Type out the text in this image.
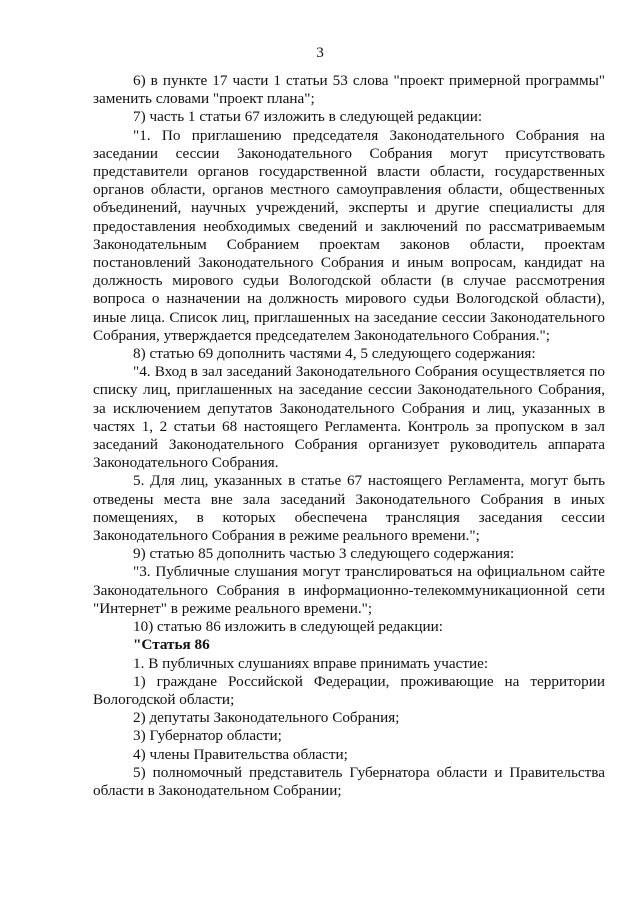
3

6) в пункте 17 части 1 статьи 53 слова "проект примерной программы" заменить словами "проект плана";

7) часть 1 статьи 67 изложить в следующей редакции:

"1. По приглашению председателя Законодательного Собрания на заседании сессии Законодательного Собрания могут присутствовать представители органов государственной власти области, государственных органов области, органов местного самоуправления области, общественных объединений, научных учреждений, эксперты и другие специалисты для предоставления необходимых сведений и заключений по рассматриваемым Законодательным Собранием проектам законов области, проектам постановлений Законодательного Собрания и иным вопросам, кандидат на должность мирового судьи Вологодской области (в случае рассмотрения вопроса о назначении на должность мирового судьи Вологодской области), иные лица. Список лиц, приглашенных на заседание сессии Законодательного Собрания, утверждается председателем Законодательного Собрания.";

8) статью 69 дополнить частями 4, 5 следующего содержания:

"4. Вход в зал заседаний Законодательного Собрания осуществляется по списку лиц, приглашенных на заседание сессии Законодательного Собрания, за исключением депутатов Законодательного Собрания и лиц, указанных в частях 1, 2 статьи 68 настоящего Регламента. Контроль за пропуском в зал заседаний Законодательного Собрания организует руководитель аппарата Законодательного Собрания.

5. Для лиц, указанных в статье 67 настоящего Регламента, могут быть отведены места вне зала заседаний Законодательного Собрания в иных помещениях, в которых обеспечена трансляция заседания сессии Законодательного Собрания в режиме реального времени.";

9) статью 85 дополнить частью 3 следующего содержания:

"3. Публичные слушания могут транслироваться на официальном сайте Законодательного Собрания в информационно-телекоммуникационной сети "Интернет" в режиме реального времени.";

10) статью 86 изложить в следующей редакции:

"Статья 86

1. В публичных слушаниях вправе принимать участие:

1) граждане Российской Федерации, проживающие на территории Вологодской области;

2) депутаты Законодательного Собрания;

3) Губернатор области;

4) члены Правительства области;

5) полномочный представитель Губернатора области и Правительства области в Законодательном Собрании;
